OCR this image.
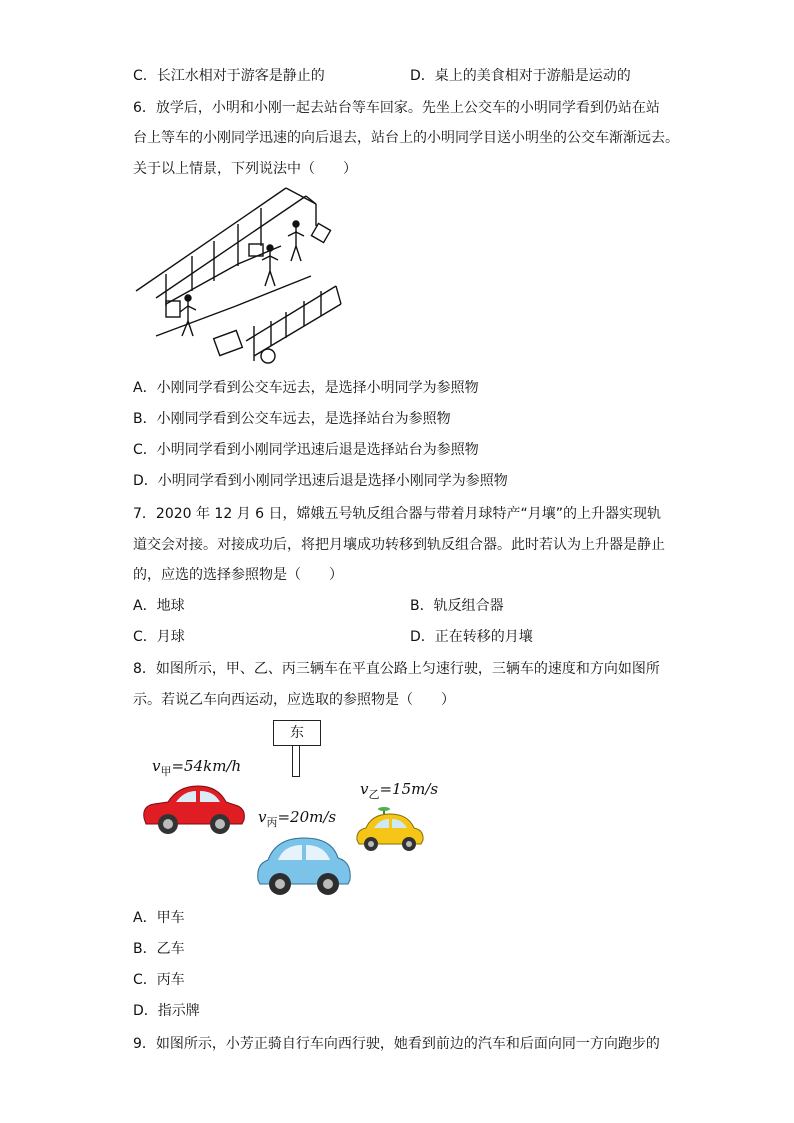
C．长江水相对于游客是静止的	D．桌上的美食相对于游船是运动的
6．放学后，小明和小刚一起去站台等车回家。先坐上公交车的小明同学看到仍站在站
台上等车的小刚同学迅速的向后退去，站台上的小明同学目送小明坐的公交车渐渐远去。
关于以上情景，下列说法中（　　）
A．小刚同学看到公交车远去，是选择小明同学为参照物
B．小刚同学看到公交车远去，是选择站台为参照物
C．小明同学看到小刚同学迅速后退是选择站台为参照物
D．小明同学看到小刚同学迅速后退是选择小刚同学为参照物
7．2020 年 12 月 6 日，嫦娥五号轨反组合器与带着月球特产“月壤”的上升器实现轨
道交会对接。对接成功后，将把月壤成功转移到轨反组合器。此时若认为上升器是静止
的，应选的选择参照物是（　　）
A．地球	B．轨反组合器
C．月球	D．正在转移的月壤
8．如图所示，甲、乙、丙三辆车在平直公路上匀速行驶，三辆车的速度和方向如图所
示。若说乙车向西运动，应选取的参照物是（　　）
东
$v_甲=54km/h$
$v_乙=15m/s$
$v_丙=20m/s$
A．甲车
B．乙车
C．丙车
D．指示牌
9．如图所示，小芳正骑自行车向西行驶，她看到前边的汽车和后面向同一方向跑步的
